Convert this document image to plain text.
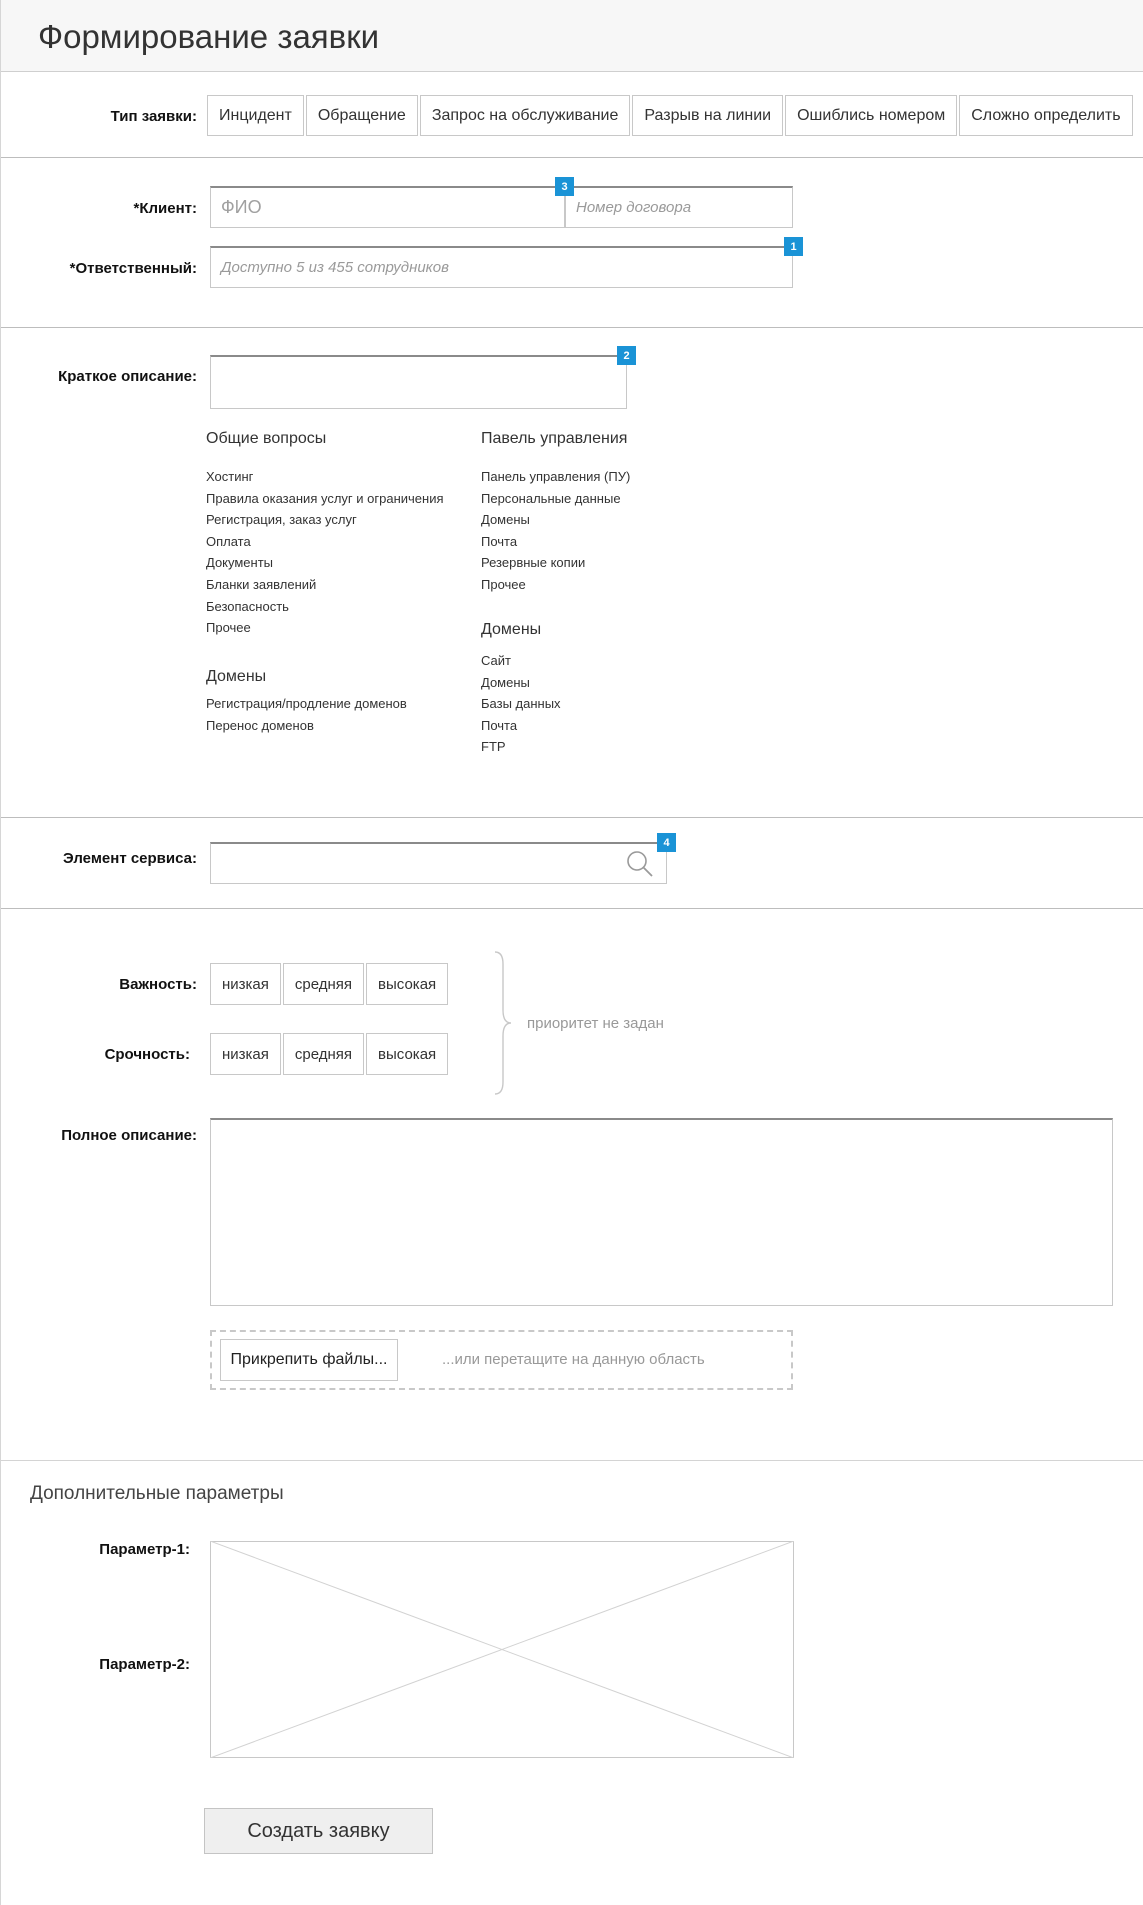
Формирование заявки
Тип заявки:	Инцидент	Обращение	Запрос на обслуживание	Разрыв на линии	Ошиблись номером	Сложно определить
*Клиент:	ФИО	Номер договора
3
*Ответственный:	Доступно 5 из 455 сотрудников
1
Краткое описание:
2
Общие вопросы
Хостинг
Правила оказания услуг и ограничения
Регистрация, заказ услуг
Оплата
Документы
Бланки заявлений
Безопасность
Прочее
Домены
Регистрация/продление доменов
Перенос доменов
Павель управления
Панель управления (ПУ)
Персональные данные
Домены
Почта
Резервные копии
Прочее
Домены
Сайт
Домены
Базы данных
Почта
FTP
Элемент сервиса:
4
Важность:	низкая	средняя	высокая
Срочность:	низкая	средняя	высокая
приоритет не задан
Полное описание:
Прикрепить файлы...	...или перетащите на данную область
Дополнительные параметры
Параметр-1:
Параметр-2:
Создать заявку
